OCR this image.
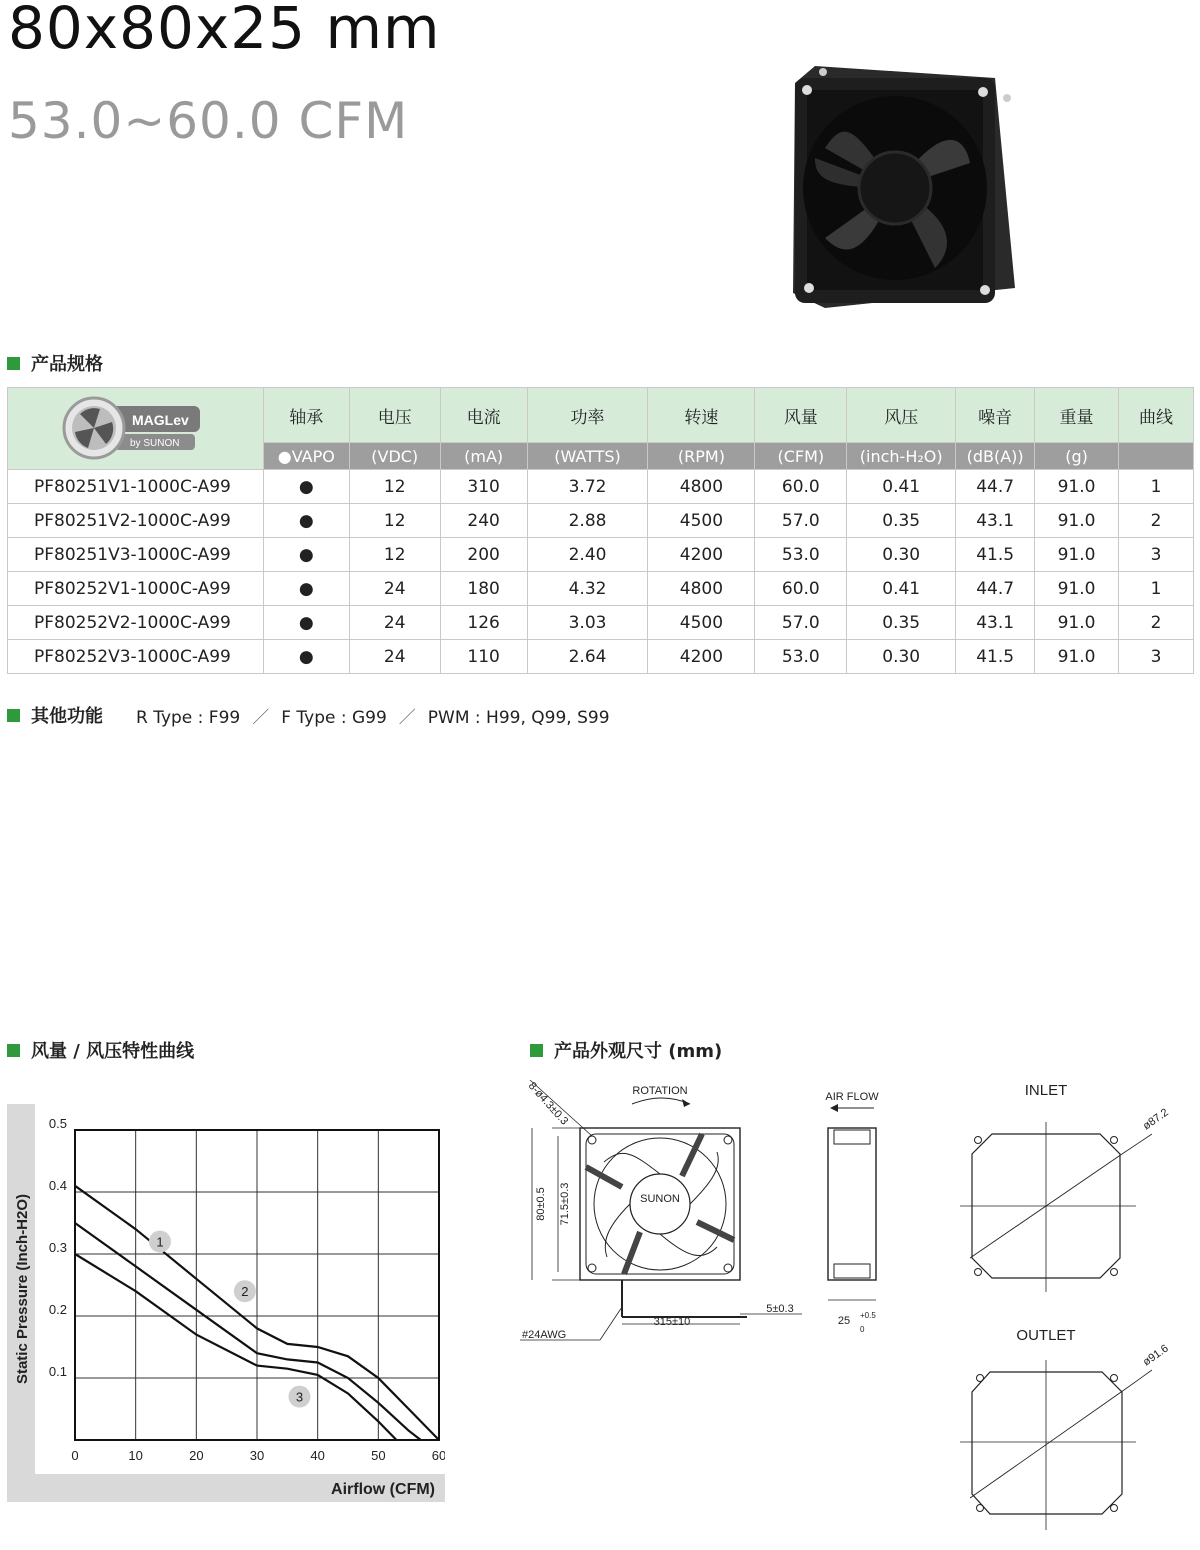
80x80x25 mm
53.0~60.0 CFM
产品规格
MAGLev
by SUNON	轴承	电压	电流	功率	转速	风量	风压	噪音	重量	曲线
	●VAPO	(VDC)	(mA)	(WATTS)	(RPM)	(CFM)	(inch-H₂O)	(dB(A))	(g)	
PF80251V1-1000C-A99	●	12	310	3.72	4800	60.0	0.41	44.7	91.0	1
PF80251V2-1000C-A99	●	12	240	2.88	4500	57.0	0.35	43.1	91.0	2
PF80251V3-1000C-A99	●	12	200	2.40	4200	53.0	0.30	41.5	91.0	3
PF80252V1-1000C-A99	●	24	180	4.32	4800	60.0	0.41	44.7	91.0	1
PF80252V2-1000C-A99	●	24	126	3.03	4500	57.0	0.35	43.1	91.0	2
PF80252V3-1000C-A99	●	24	110	2.64	4200	53.0	0.30	41.5	91.0	3
其他功能 R Type : F99 ／ F Type : G99 ／ PWM : H99, Q99, S99
风量 / 风压特性曲线
0	10	20	30	40	50	60
0.1
0.2
0.3
0.4
0.5
1
2
3
Static Pressure (Inch-H2O)
Airflow (CFM)
产品外观尺寸 (mm)
80±0.5 71.5±0.3	SUNON
ROTATION
8-ø4.3±0.3
315±10
5±0.3
#24AWG
AIR FLOW
25 +0.5
0
INLET
ø87.2
OUTLET
ø91.6
